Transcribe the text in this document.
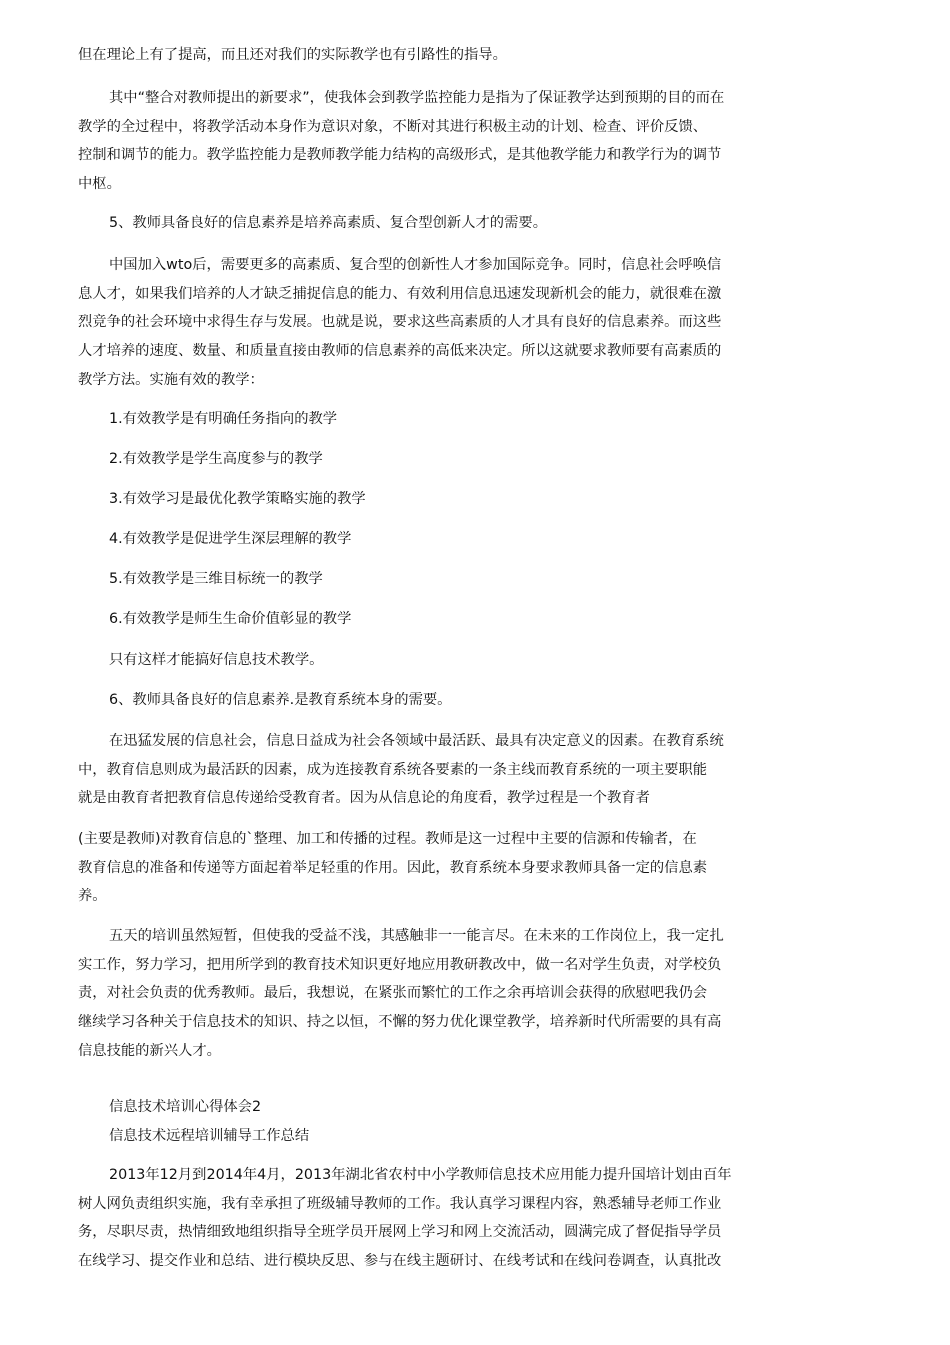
但在理论上有了提高，而且还对我们的实际教学也有引路性的指导。
其中“整合对教师提出的新要求”，使我体会到教学监控能力是指为了保证教学达到预期的目的而在
教学的全过程中，将教学活动本身作为意识对象，不断对其进行积极主动的计划、检查、评价反馈、
控制和调节的能力。教学监控能力是教师教学能力结构的高级形式，是其他教学能力和教学行为的调节
中枢。
5、教师具备良好的信息素养是培养高素质、复合型创新人才的需要。
中国加入wto后，需要更多的高素质、复合型的创新性人才参加国际竞争。同时，信息社会呼唤信
息人才，如果我们培养的人才缺乏捕捉信息的能力、有效利用信息迅速发现新机会的能力，就很难在激
烈竞争的社会环境中求得生存与发展。也就是说，要求这些高素质的人才具有良好的信息素养。而这些
人才培养的速度、数量、和质量直接由教师的信息素养的高低来决定。所以这就要求教师要有高素质的
教学方法。实施有效的教学：
1.有效教学是有明确任务指向的教学
2.有效教学是学生高度参与的教学
3.有效学习是最优化教学策略实施的教学
4.有效教学是促进学生深层理解的教学
5.有效教学是三维目标统一的教学
6.有效教学是师生生命价值彰显的教学
只有这样才能搞好信息技术教学。
6、教师具备良好的信息素养.是教育系统本身的需要。
在迅猛发展的信息社会，信息日益成为社会各领域中最活跃、最具有决定意义的因素。在教育系统
中，教育信息则成为最活跃的因素，成为连接教育系统各要素的一条主线而教育系统的一项主要职能
就是由教育者把教育信息传递给受教育者。因为从信息论的角度看，教学过程是一个教育者
(主要是教师)对教育信息的`整理、加工和传播的过程。教师是这一过程中主要的信源和传输者，在
教育信息的准备和传递等方面起着举足轻重的作用。因此，教育系统本身要求教师具备一定的信息素
养。
五天的培训虽然短暂，但使我的受益不浅，其感触非一一能言尽。在未来的工作岗位上，我一定扎
实工作，努力学习，把用所学到的教育技术知识更好地应用教研教改中，做一名对学生负责，对学校负
责，对社会负责的优秀教师。最后，我想说，在紧张而繁忙的工作之余再培训会获得的欣慰吧我仍会
继续学习各种关于信息技术的知识、持之以恒，不懈的努力优化课堂教学，培养新时代所需要的具有高
信息技能的新兴人才。
信息技术培训心得体会2
信息技术远程培训辅导工作总结
2013年12月到2014年4月，2013年湖北省农村中小学教师信息技术应用能力提升国培计划由百年
树人网负责组织实施，我有幸承担了班级辅导教师的工作。我认真学习课程内容，熟悉辅导老师工作业
务，尽职尽责，热情细致地组织指导全班学员开展网上学习和网上交流活动，圆满完成了督促指导学员
在线学习、提交作业和总结、进行模块反思、参与在线主题研讨、在线考试和在线问卷调查，认真批改
